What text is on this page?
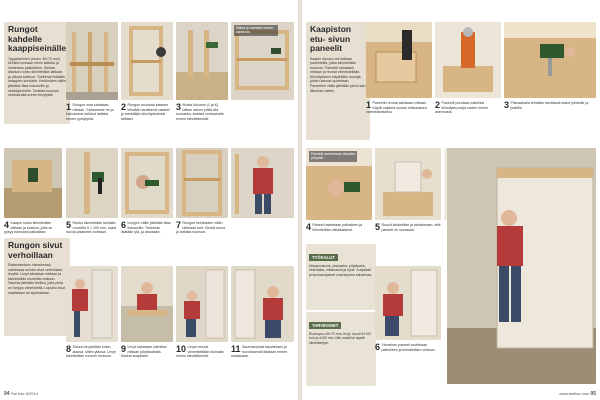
Rungot kahdelle kaappiseinälle

Tyyppiseinien (runko 45×70 mm) kehikot kootaan ensin lattialla ja nostetaan paikoilleen. Seinän alaosan runko kiinnitetään lattiaan ja yläosa kattoon. Tukirimat lisätään kaappien kohdalle. Kehikoiden väliin jätetään tilaa liukuoville ja sähköjohdoille. Tarkista suoruus vesivaa'alla ennen levytystä.

Mittaa ja merkitse ennen sahausta.
1 Rungon osat sahataan mittaan. Sahaamme ne ja kokoamme kehikot lattialla ennen pystytystä.
2 Rungon tuolosaa katsoen tehdään tarvittavat vasteet ja merkitään kiinnityskohdat lattiaan.
3 Musta ikkunan (1 ja K) lattian aukon pitää olla suorassa, tarkista vesivaa'alla ennen kiinnittämistä.
4 Kaapin runko kiinnitetään lattiaan ja kattoon, jotta se pysyy tukevasti paikallaan.
5 Runko kiinnitetään seinään ruuveilla 5 × 100 mm, kaksi ruuvia jokaiseen kohtaan.
6 Levyjen väliin jätetään tilaa liukuoville. Tukirimat lisätään ylä- ja alaosaan.
7 Rungon kehikoiden väliin laitetaan tuet. Kiristä ruuvit ja tarkista suoruus.
Rungon sivut verhoillaan

Rakentamisen viimeisessä vaiheessa seinän sivut verhoillaan levyllä. Levyt sahataan mittaan ja kiinnitetään ruuveilla runkoon. Saumat jätetään tiiviiksi, jotta pinta on helppo viimeistellä. Lopuksi sivut maalataan tai tapetoidaan.

8 Sivuun levytetään ensin alaosa, sitten yläosa. Levyt kiinnitetään ruuvein runkoon.
9 Levyt sahataan valmiiksi mittaan pöytäsahalla. Muista suojalasit.
10 Levyn reunat viimeistellään hiomalla ennen kiinnittämistä.
11 Saumakohdat tasoitetaan ja ruuvinkannat kitataan ennen maalausta.
94 Tee Itse 6/2014
Kaapiston etu- sivun paneelit

Kaapin etusivu verhoillaan paneeleilla, jotka kiinnitetään runkoon. Paneelit sahataan mittaan ja reunat viimeistellään. Kiinnitykseen käytetään ruuveja, joiden kannat upotetaan. Paneelien väliin jätetään pieni rako liikuntaa varten.

1 Paneelin reunat sahataan mittaan. Käytä ohjainta suoran leikkauksen varmistamiseksi.
2 Paneelit porataan valmiiksi kiinnitysruuveja varten ennen asennusta.
3 Pistosahalla tehdään tarvittavat aukot johdoille ja putkille.
Paneelit asennetaan alhaalta ylöspäin.
4 Paneeli asetetaan paikalleen ja kiinnitetään väliaikaisesti.	5 Ruuvit kiristetään ja tarkistetaan, että paneeli on suorassa.
TYÖKALUT

Akkuporakone, pistosaha, pöytäsaha, vesivaaka, mittanauha ja kynä. Suojalasit ja kuulosuojaimet ovat tarpeen sahatessa.

TARVIKKEET

Runkopuu 45×70 mm, levyt, ruuvit 5×100 mm ja 4×50 mm, kitti, maali tai tapetti viimeistelyyn.	6 Viimeinen paneeli sovitetaan paikalleen ja kiinnitetään runkoon.
www.teeitse.com 95
